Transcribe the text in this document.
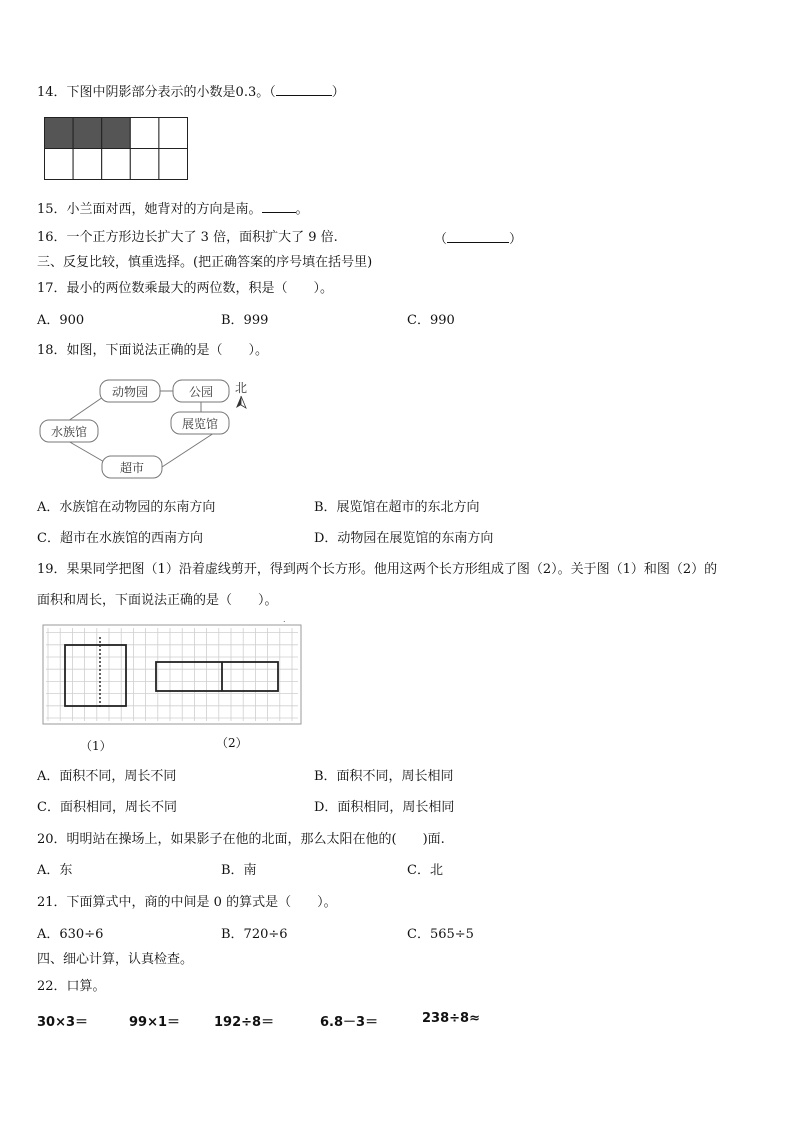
14．下图中阴影部分表示的小数是0.3。（	）
15．小兰面对西，她背对的方向是南。	。
16．一个正方形边长扩大了 3 倍，面积扩大了 9 倍.	（	）
三、反复比较，慎重选择。(把正确答案的序号填在括号里)
17．最小的两位数乘最大的两位数，积是（　　）。
A．900	B．999	C．990
18．如图，下面说法正确的是（　　）。
动物园	公园
展览馆
水族馆
超市
北
A．水族馆在动物园的东南方向	B．展览馆在超市的东北方向
C．超市在水族馆的西南方向	D．动物园在展览馆的东南方向
19．果果同学把图（1）沿着虚线剪开，得到两个长方形。他用这两个长方形组成了图（2）。关于图（1）和图（2）的
面积和周长，下面说法正确的是（　　）。
.
（1）	（2）
A．面积不同，周长不同	B．面积不同，周长相同
C．面积相同，周长不同	D．面积相同，周长相同
20．明明站在操场上，如果影子在他的北面，那么太阳在他的(　　)面.
A．东	B．南	C．北
21．下面算式中，商的中间是 0 的算式是（　　）。
A．630÷6	B．720÷6	C．565÷5
四、细心计算，认真检查。
22．口算。
30×3＝	99×1＝	192÷8＝	6.8－3＝	238÷8≈
